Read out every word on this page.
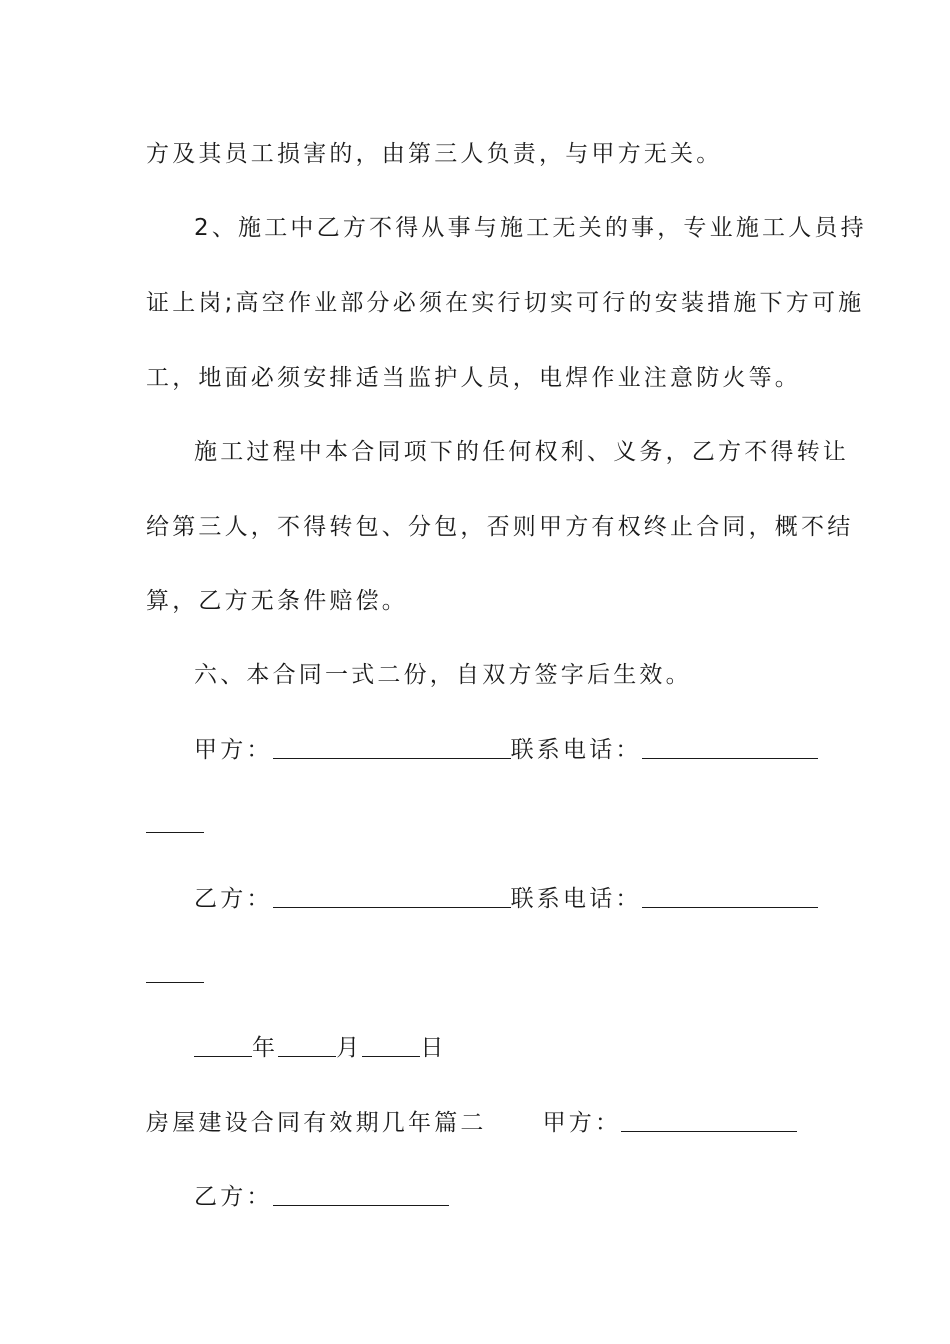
方及其员工损害的，由第三人负责，与甲方无关。
2、施工中乙方不得从事与施工无关的事，专业施工人员持
证上岗;高空作业部分必须在实行切实可行的安装措施下方可施
工，地面必须安排适当监护人员，电焊作业注意防火等。
施工过程中本合同项下的任何权利、义务，乙方不得转让
给第三人，不得转包、分包，否则甲方有权终止合同，概不结
算，乙方无条件赔偿。
六、本合同一式二份，自双方签字后生效。
甲方：	联系电话：
乙方：	联系电话：
年	月	日
房屋建设合同有效期几年篇二 甲方：
乙方：
